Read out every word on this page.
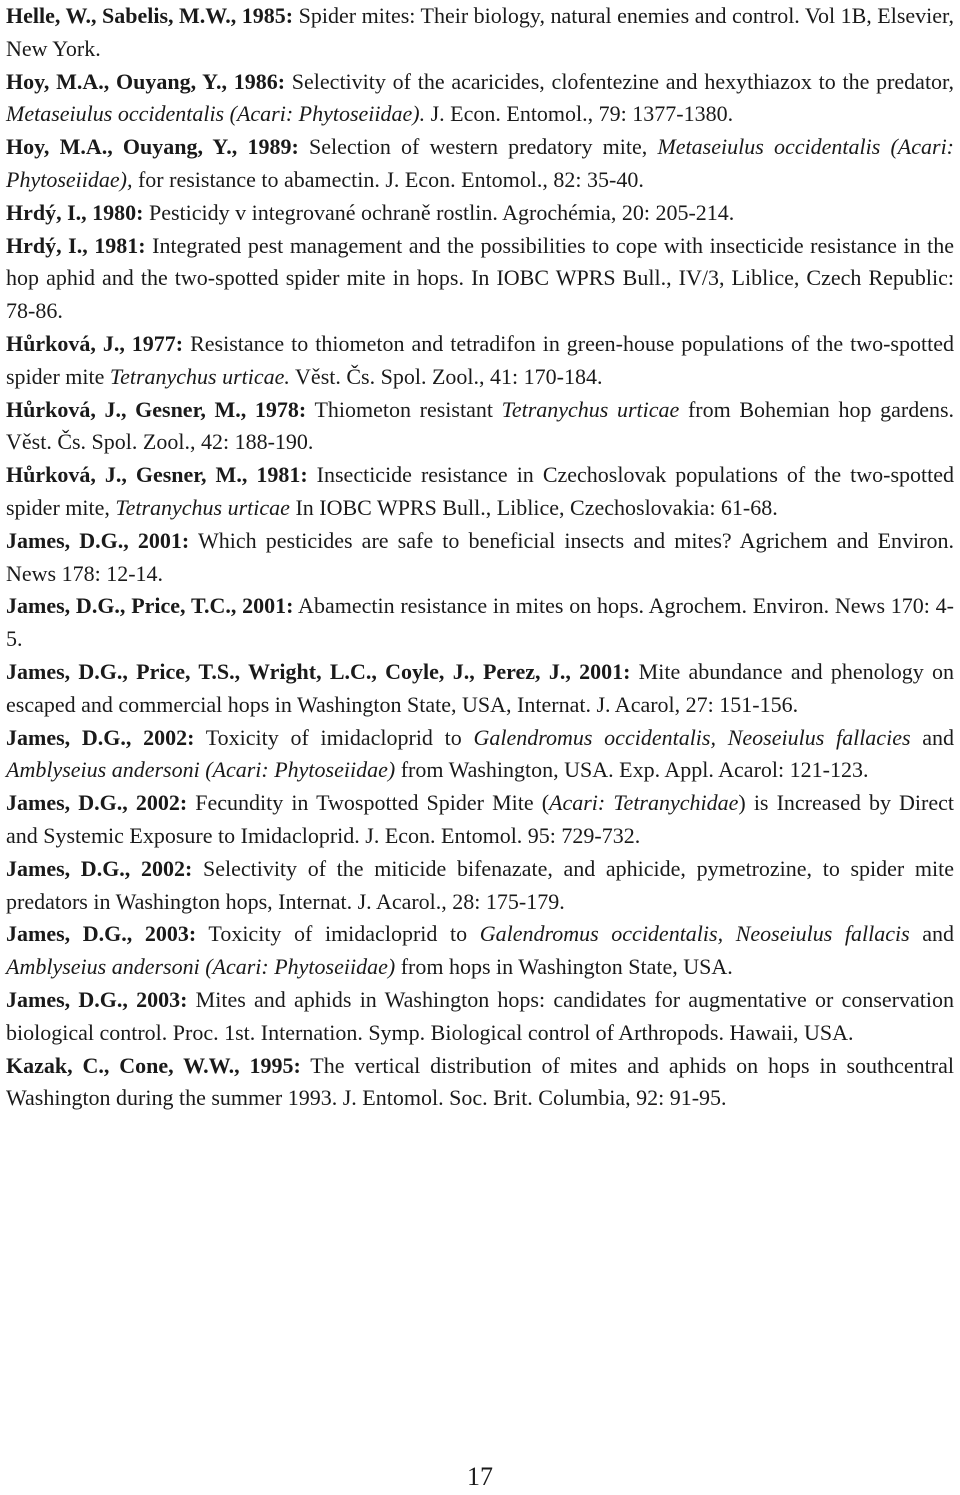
Helle, W., Sabelis, M.W., 1985: Spider mites: Their biology, natural enemies and control. Vol 1B, Elsevier, New York.

Hoy, M.A., Ouyang, Y., 1986: Selectivity of the acaricides, clofentezine and hexythiazox to the predator, Metaseiulus occidentalis (Acari: Phytoseiidae). J. Econ. Entomol., 79: 1377-1380.

Hoy, M.A., Ouyang, Y., 1989: Selection of western predatory mite, Metaseiulus occidentalis (Acari: Phytoseiidae), for resistance to abamectin. J. Econ. Entomol., 82: 35-40.

Hrdý, I., 1980: Pesticidy v integrované ochraně rostlin. Agrochémia, 20: 205-214.

Hrdý, I., 1981: Integrated pest management and the possibilities to cope with insecticide resistance in the hop aphid and the two-spotted spider mite in hops. In IOBC WPRS Bull., IV/3, Liblice, Czech Republic: 78-86.

Hůrková, J., 1977: Resistance to thiometon and tetradifon in green-house populations of the two-spotted spider mite Tetranychus urticae. Věst. Čs. Spol. Zool., 41: 170-184.

Hůrková, J., Gesner, M., 1978: Thiometon resistant Tetranychus urticae from Bohemian hop gardens. Věst. Čs. Spol. Zool., 42: 188-190.

Hůrková, J., Gesner, M., 1981: Insecticide resistance in Czechoslovak populations of the two-spotted spider mite, Tetranychus urticae In IOBC WPRS Bull., Liblice, Czechoslovakia: 61-68.

James, D.G., 2001: Which pesticides are safe to beneficial insects and mites? Agrichem and Environ. News 178: 12-14.

James, D.G., Price, T.C., 2001: Abamectin resistance in mites on hops. Agrochem. Environ. News 170: 4-5.

James, D.G., Price, T.S., Wright, L.C., Coyle, J., Perez, J., 2001: Mite abundance and phenology on escaped and commercial hops in Washington State, USA, Internat. J. Acarol, 27: 151-156.

James, D.G., 2002: Toxicity of imidacloprid to Galendromus occidentalis, Neoseiulus fallacies and Amblyseius andersoni (Acari: Phytoseiidae) from Washington, USA. Exp. Appl. Acarol: 121-123.

James, D.G., 2002: Fecundity in Twospotted Spider Mite (Acari: Tetranychidae) is Increased by Direct and Systemic Exposure to Imidacloprid. J. Econ. Entomol. 95: 729-732.

James, D.G., 2002: Selectivity of the miticide bifenazate, and aphicide, pymetrozine, to spider mite predators in Washington hops, Internat. J. Acarol., 28: 175-179.

James, D.G., 2003: Toxicity of imidacloprid to Galendromus occidentalis, Neoseiulus fallacis and Amblyseius andersoni (Acari: Phytoseiidae) from hops in Washington State, USA.

James, D.G., 2003: Mites and aphids in Washington hops: candidates for augmentative or conservation biological control. Proc. 1st. Internation. Symp. Biological control of Arthropods. Hawaii, USA.

Kazak, C., Cone, W.W., 1995: The vertical distribution of mites and aphids on hops in southcentral Washington during the summer 1993. J. Entomol. Soc. Brit. Columbia, 92: 91-95.

17
